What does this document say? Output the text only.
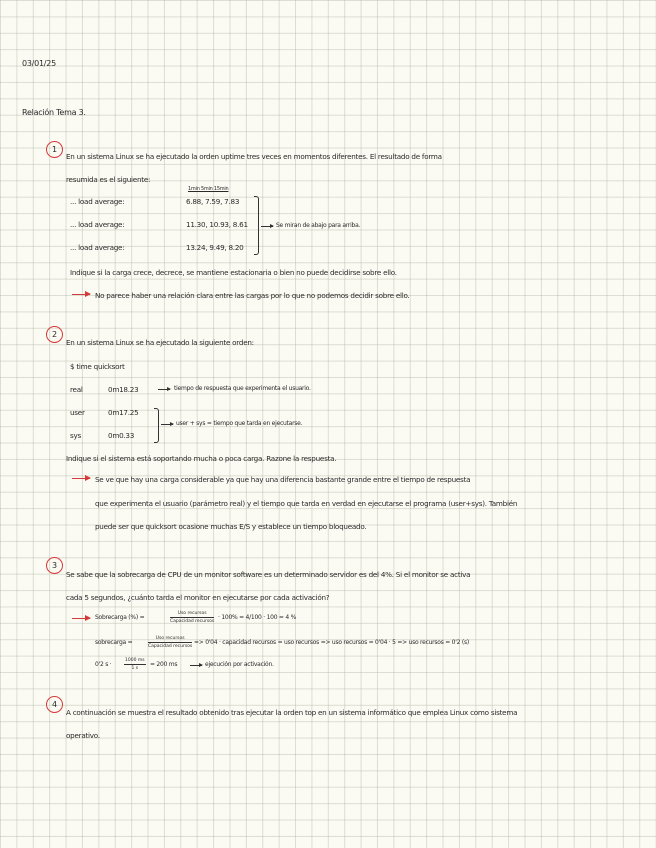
03/01/25
Relación Tema 3.
1
En un sistema Linux se ha ejecutado la orden uptime tres veces en momentos diferentes. El resultado de forma
resumida es el siguiente:
1min 5min 15min
... load average:	6.88, 7.59, 7.83
... load average:	11.30, 10.93, 8.61
... load average:	13.24, 9.49, 8.20
Se miran de abajo para arriba.
Indique si la carga crece, decrece, se mantiene estacionaria o bien no puede decidirse sobre ello.
No parece haber una relación clara entre las cargas por lo que no podemos decidir sobre ello.
2
En un sistema Linux se ha ejecutado la siguiente orden:
$ time quicksort
real	0m18.23	tiempo de respuesta que experimenta el usuario.
user	0m17.25
sys	0m0.33
user + sys = tiempo que tarda en ejecutarse.
Indique si el sistema está soportando mucha o poca carga. Razone la respuesta.
Se ve que hay una carga considerable ya que hay una diferencia bastante grande entre el tiempo de respuesta
que experimenta el usuario (parámetro real) y el tiempo que tarda en verdad en ejecutarse el programa (user+sys). También
puede ser que quicksort ocasione muchas E/S y establece un tiempo bloqueado.
3
Se sabe que la sobrecarga de CPU de un monitor software es un determinado servidor es del 4%. Si el monitor se activa
cada 5 segundos, ¿cuánto tarda el monitor en ejecutarse por cada activación?
Sobrecarga (%) =
Uso recursos
Capacidad recursos
· 100% = 4/100 · 100 = 4 %
sobrecarga =
Uso recursos
Capacidad recursos
=> 0'04 · capacidad recursos = uso recursos => uso recursos = 0'04 · 5 => uso recursos = 0'2 (s)
0'2 s ·	$\frac{1000 ms}{1 s} = 200$ ms	ejecución por activación.
4
A continuación se muestra el resultado obtenido tras ejecutar la orden top en un sistema informático que emplea Linux como sistema
operativo.
